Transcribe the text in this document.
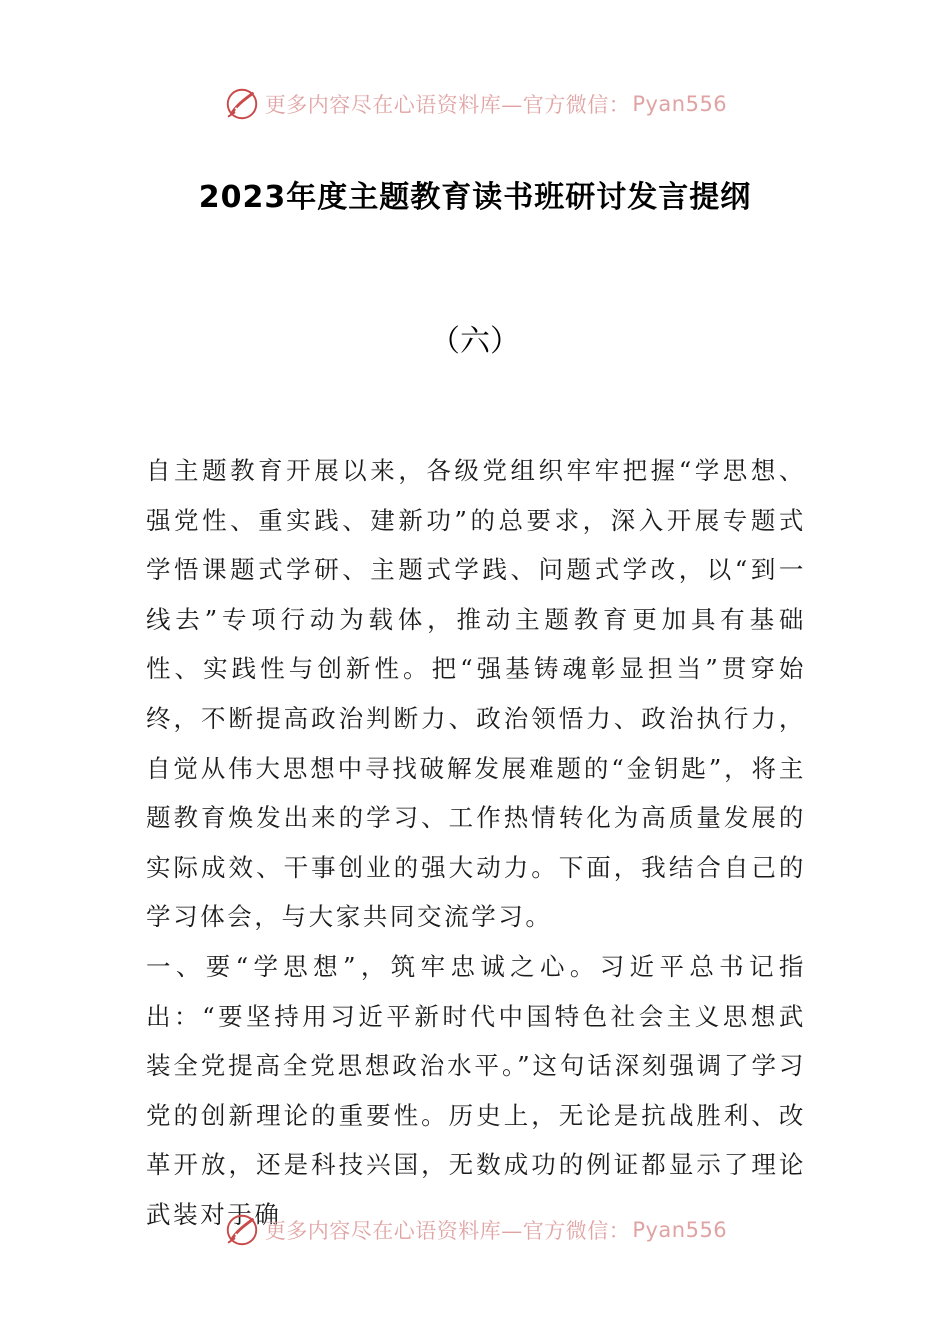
更多内容尽在心语资料库—官方微信： Pyan556
2023年度主题教育读书班研讨发言提纲
（六）

自主题教育开展以来，各级党组织牢牢把握“学思想、强党性、重实践、建新功”的总要求，深入开展专题式学悟课题式学研、主题式学践、问题式学改，以“到一线去”专项行动为载体，推动主题教育更加具有基础性、实践性与创新性。把“强基铸魂彰显担当”贯穿始终，不断提高政治判断力、政治领悟力、政治执行力，自觉从伟大思想中寻找破解发展难题的“金钥匙”，将主题教育焕发出来的学习、工作热情转化为高质量发展的实际成效、干事创业的强大动力。下面，我结合自己的学习体会，与大家共同交流学习。

一、要“学思想”，筑牢忠诚之心。习近平总书记指出：“要坚持用习近平新时代中国特色社会主义思想武装全党提高全党思想政治水平。”这句话深刻强调了学习党的创新理论的重要性。历史上，无论是抗战胜利、改革开放，还是科技兴国，无数成功的例证都显示了理论武装对于确

更多内容尽在心语资料库—官方微信： Pyan556
